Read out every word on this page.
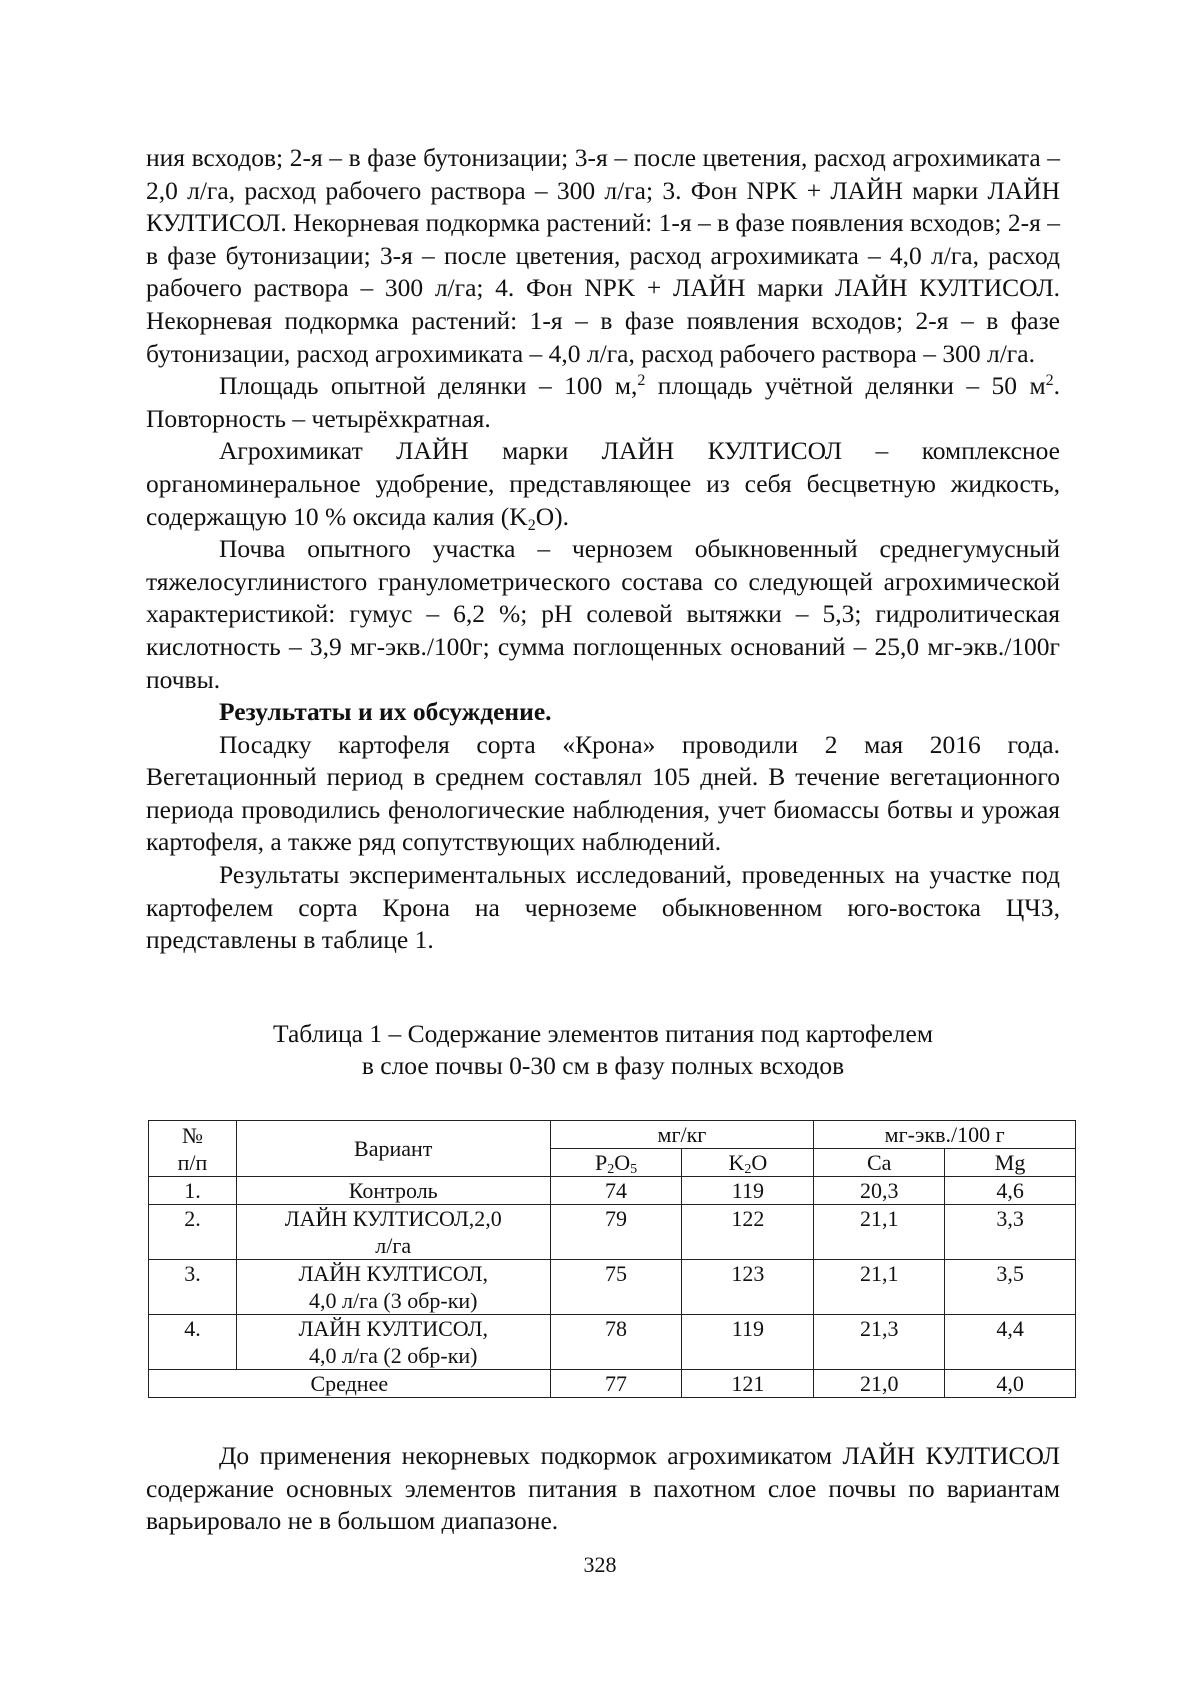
ния всходов; 2-я – в фазе бутонизации; 3-я – после цветения, расход агрохимиката – 2,0 л/га, расход рабочего раствора – 300 л/га; 3. Фон NPK + ЛАЙН марки ЛАЙН КУЛТИСОЛ. Некорневая подкормка растений: 1-я – в фазе появления всходов; 2-я – в фазе бутонизации; 3-я – после цветения, расход агрохимиката – 4,0 л/га, расход рабочего раствора – 300 л/га; 4. Фон NPK + ЛАЙН марки ЛАЙН КУЛТИСОЛ. Некорневая подкормка растений: 1-я – в фазе появления всходов; 2-я – в фазе бутонизации, расход агрохимиката – 4,0 л/га, расход рабочего раствора – 300 л/га.

Площадь опытной делянки – 100 м,$^2$ площадь учётной делянки – 50 $м^2$. Повторность – четырёхкратная.

Агрохимикат ЛАЙН марки ЛАЙН КУЛТИСОЛ – комплексное органоминеральное удобрение, представляющее из себя бесцветную жидкость, содержащую 10 % оксида калия $(K_2O)$.

Почва опытного участка – чернозем обыкновенный среднегумусный тяжелосуглинистого гранулометрического состава со следующей агрохимической характеристикой: гумус – 6,2 %; pH солевой вытяжки – 5,3; гидролитическая кислотность – 3,9 мг-экв./100г; сумма поглощенных оснований – 25,0 мг-экв./100г почвы.

Результаты и их обсуждение.

Посадку картофеля сорта «Крона» проводили 2 мая 2016 года. Вегетационный период в среднем составлял 105 дней. В течение вегетационного периода проводились фенологические наблюдения, учет биомассы ботвы и урожая картофеля, а также ряд сопутствующих наблюдений.

Результаты экспериментальных исследований, проведенных на участке под картофелем сорта Крона на черноземе обыкновенном юго-востока ЦЧЗ, представлены в таблице 1.

Таблица 1 – Содержание элементов питания под картофелем
в слое почвы 0-30 см в фазу полных всходов
№
п/п	Вариант	мг/кг		мг-экв./100 г	
		$P_2O_5$	$K_2O$	Ca	Mg
1.	Контроль	74	119	20,3	4,6
2.	ЛАЙН КУЛТИСОЛ,2,0
л/га	79	122	21,1	3,3
3.	ЛАЙН КУЛТИСОЛ,
4,0 л/га (3 обр-ки)	75	123	21,1	3,5
4.	ЛАЙН КУЛТИСОЛ,
4,0 л/га (2 обр-ки)	78	119	21,3	4,4
Среднее		77	121	21,0	4,0

До применения некорневых подкормок агрохимикатом ЛАЙН КУЛТИСОЛ содержание основных элементов питания в пахотном слое почвы по вариантам варьировало не в большом диапазоне.

328
